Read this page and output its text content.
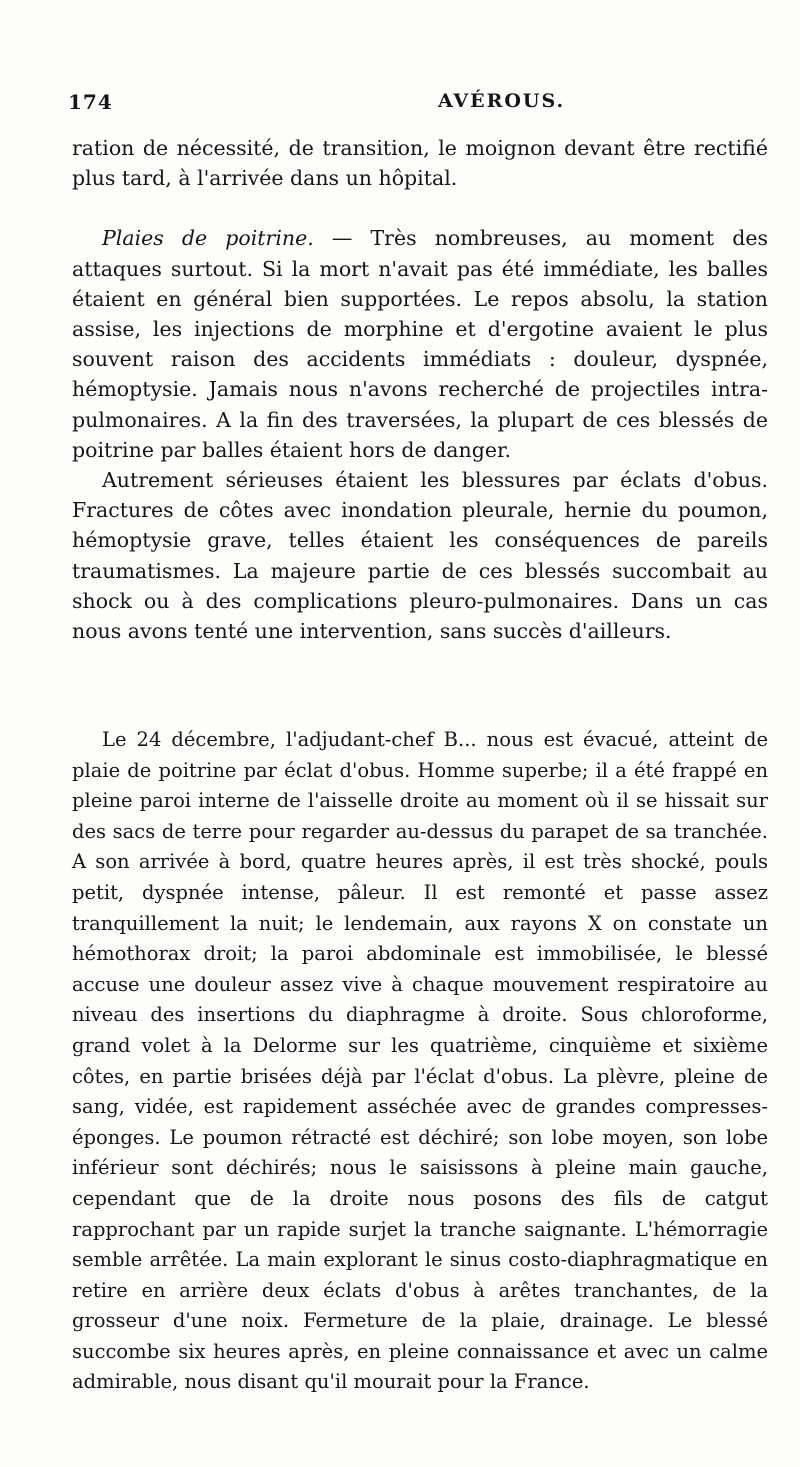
174	AVÉROUS.

ration de nécessité, de transition, le moignon devant être rectifié plus tard, à l'arrivée dans un hôpital.

Plaies de poitrine. — Très nombreuses, au moment des attaques surtout. Si la mort n'avait pas été immédiate, les balles étaient en général bien supportées. Le repos absolu, la station assise, les injections de morphine et d'ergotine avaient le plus souvent raison des accidents immédiats : douleur, dyspnée, hémoptysie. Jamais nous n'avons recherché de projectiles intra-pulmonaires. A la fin des traversées, la plupart de ces blessés de poitrine par balles étaient hors de danger.

Autrement sérieuses étaient les blessures par éclats d'obus. Fractures de côtes avec inondation pleurale, hernie du poumon, hémoptysie grave, telles étaient les conséquences de pareils traumatismes. La majeure partie de ces blessés succombait au shock ou à des complications pleuro-pulmonaires. Dans un cas nous avons tenté une intervention, sans succès d'ailleurs.

Le 24 décembre, l'adjudant-chef B... nous est évacué, atteint de plaie de poitrine par éclat d'obus. Homme superbe; il a été frappé en pleine paroi interne de l'aisselle droite au moment où il se hissait sur des sacs de terre pour regarder au-dessus du parapet de sa tranchée. A son arrivée à bord, quatre heures après, il est très shocké, pouls petit, dyspnée intense, pâleur. Il est remonté et passe assez tranquillement la nuit; le lendemain, aux rayons X on constate un hémothorax droit; la paroi abdominale est immobilisée, le blessé accuse une douleur assez vive à chaque mouvement respiratoire au niveau des insertions du diaphragme à droite. Sous chloroforme, grand volet à la Delorme sur les quatrième, cinquième et sixième côtes, en partie brisées déjà par l'éclat d'obus. La plèvre, pleine de sang, vidée, est rapidement asséchée avec de grandes compresses-éponges. Le poumon rétracté est déchiré; son lobe moyen, son lobe inférieur sont déchirés; nous le saisissons à pleine main gauche, cependant que de la droite nous posons des fils de catgut rapprochant par un rapide surjet la tranche saignante. L'hémorragie semble arrêtée. La main explorant le sinus costo-diaphragmatique en retire en arrière deux éclats d'obus à arêtes tranchantes, de la grosseur d'une noix. Fermeture de la plaie, drainage. Le blessé succombe six heures après, en pleine connaissance et avec un calme admirable, nous disant qu'il mourait pour la France.
